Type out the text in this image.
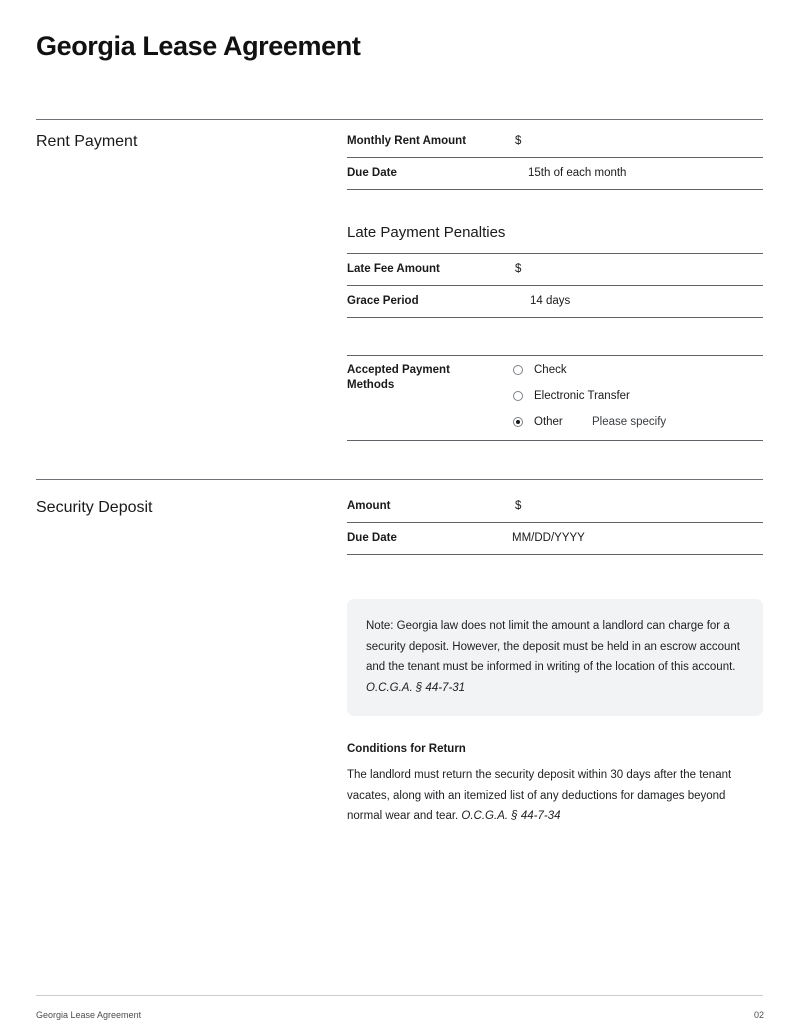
Georgia Lease Agreement
Rent Payment	Monthly Rent Amount	$
Due Date	15th of each month
Late Payment Penalties
Late Fee Amount	$
Grace Period	14 days
Accepted Payment
Methods
Check
Electronic Transfer
Other	Please specify
Security Deposit	Amount	$
Due Date	MM/DD/YYYY
Note: Georgia law does not limit the amount a landlord can charge for a security deposit. However, the deposit must be held in an escrow account and the tenant must be informed in writing of the location of this account. O.C.G.A. § 44-7-31
Conditions for Return
The landlord must return the security deposit within 30 days after the tenant vacates, along with an itemized list of any deductions for damages beyond normal wear and tear. O.C.G.A. § 44-7-34
Georgia Lease Agreement	02
